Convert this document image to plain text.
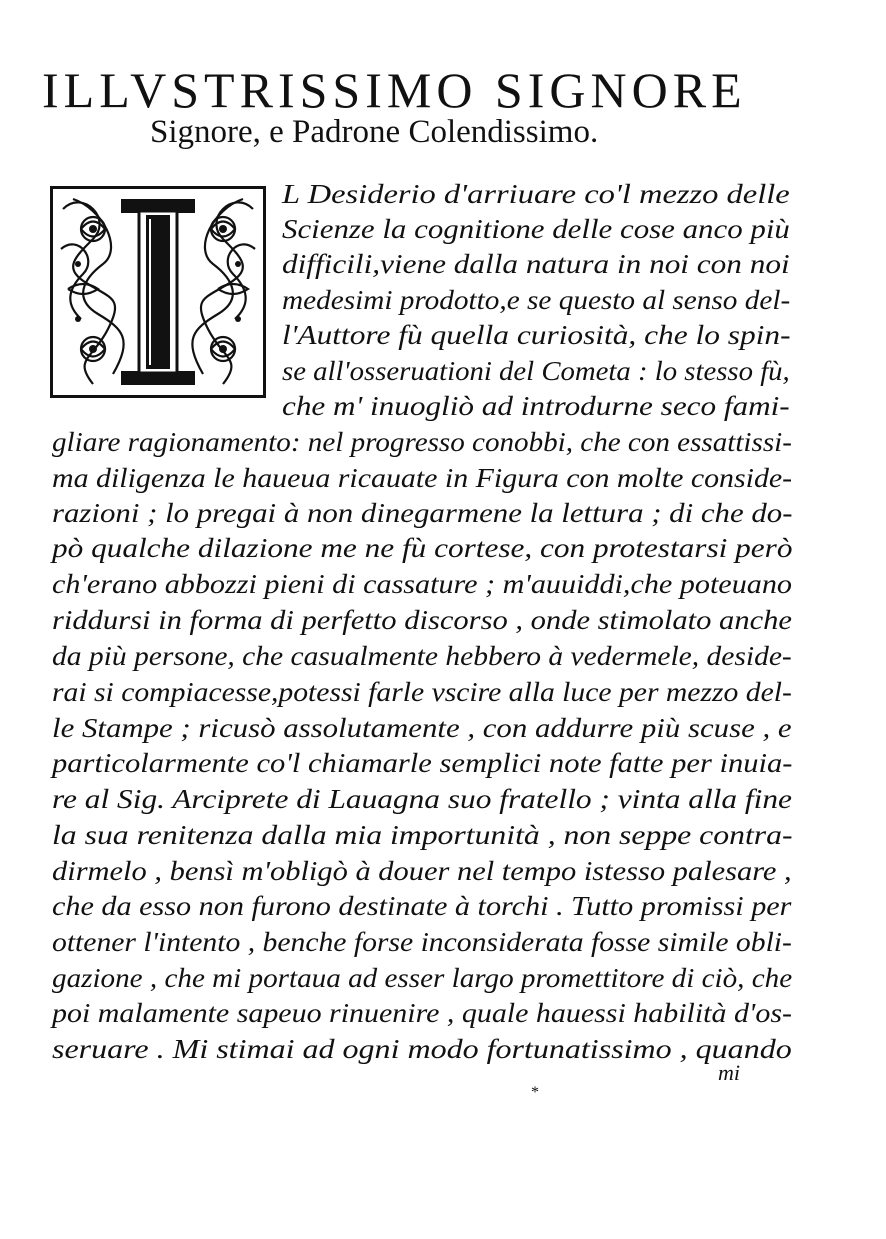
ILLVSTRISSIMO SIGNORE
Signore, e Padrone Colendissimo.
L Desiderio d'arriuare co'l mezzo delle
Scienze la cognitione delle cose anco più
difficili,viene dalla natura in noi con noi
medesimi prodotto,e se questo al senso del-
l'Auttore fù quella curiosità, che lo spin-
se all'osseruationi del Cometa : lo stesso fù,
che m' inuogliò ad introdurne seco fami-
gliare ragionamento: nel progresso conobbi, che con essattissi-
ma diligenza le haueua ricauate in Figura con molte conside-
razioni ; lo pregai à non dinegarmene la lettura ; di che do-
pò qualche dilazione me ne fù cortese, con protestarsi però
ch'erano abbozzi pieni di cassature ; m'auuiddi,che poteuano
riddursi in forma di perfetto discorso , onde stimolato anche
da più persone, che casualmente hebbero à vedermele, deside-
rai si compiacesse,potessi farle vscire alla luce per mezzo del-
le Stampe ; ricusò assolutamente , con addurre più scuse , e
particolarmente co'l chiamarle semplici note fatte per inuia-
re al Sig. Arciprete di Lauagna suo fratello ; vinta alla fine
la sua renitenza dalla mia importunità , non seppe contra-
dirmelo , bensì m'obligò à douer nel tempo istesso palesare ,
che da esso non furono destinate à torchi . Tutto promissi per
ottener l'intento , benche forse inconsiderata fosse simile obli-
gazione , che mi portaua ad esser largo promettitore di ciò, che
poi malamente sapeuo rinuenire , quale hauessi habilità d'os-
seruare . Mi stimai ad ogni modo fortunatissimo , quando
mi
*
